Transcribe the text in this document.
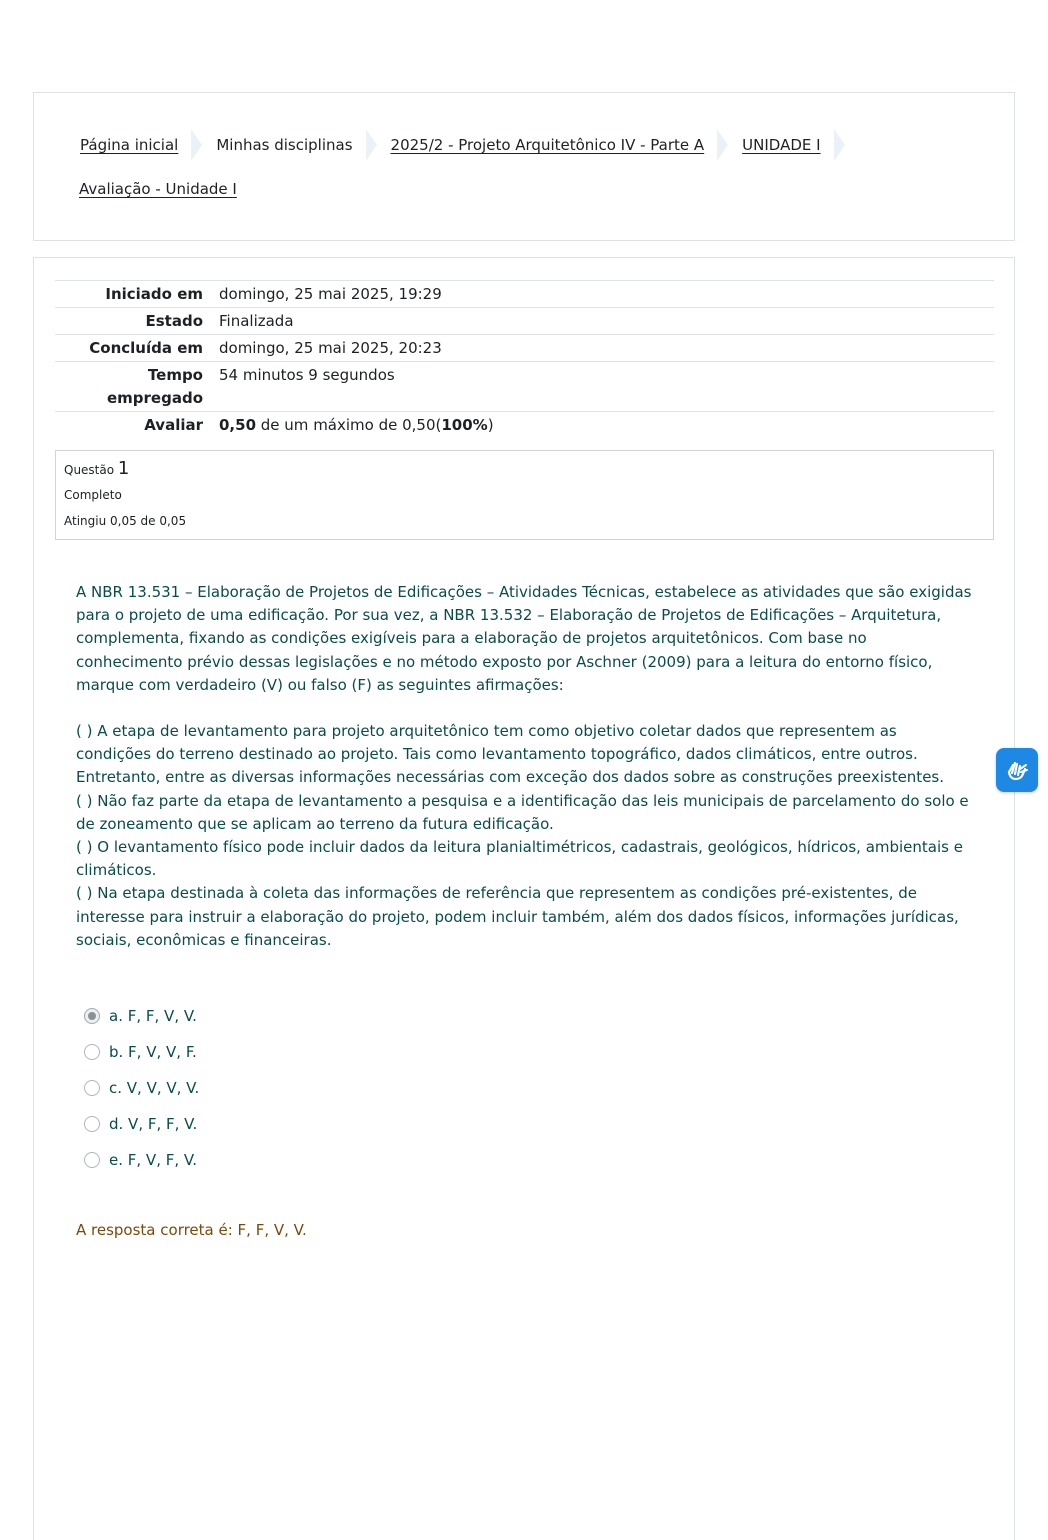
Página inicial	Minhas disciplinas	2025/2 - Projeto Arquitetônico IV - Parte A	UNIDADE I
Avaliação - Unidade I
Iniciado em	domingo, 25 mai 2025, 19:29
Estado	Finalizada
Concluída em	domingo, 25 mai 2025, 20:23
Tempo empregado
54 minutos 9 segundos
Avaliar	0,50 de um máximo de 0,50(100%)
Questão 1
Completo
Atingiu 0,05 de 0,05

A NBR 13.531 – Elaboração de Projetos de Edificações – Atividades Técnicas, estabelece as atividades que são exigidas para o projeto de uma edificação. Por sua vez, a NBR 13.532 – Elaboração de Projetos de Edificações – Arquitetura, complementa, fixando as condições exigíveis para a elaboração de projetos arquitetônicos. Com base no conhecimento prévio dessas legislações e no método exposto por Aschner (2009) para a leitura do entorno físico, marque com verdadeiro (V) ou falso (F) as seguintes afirmações:

( ) A etapa de levantamento para projeto arquitetônico tem como objetivo coletar dados que representem as condições do terreno destinado ao projeto. Tais como levantamento topográfico, dados climáticos, entre outros. Entretanto, entre as diversas informações necessárias com exceção dos dados sobre as construções preexistentes.

( ) Não faz parte da etapa de levantamento a pesquisa e a identificação das leis municipais de parcelamento do solo e de zoneamento que se aplicam ao terreno da futura edificação.

( ) O levantamento físico pode incluir dados da leitura planialtimétricos, cadastrais, geológicos, hídricos, ambientais e climáticos.

( ) Na etapa destinada à coleta das informações de referência que representem as condições pré-existentes, de interesse para instruir a elaboração do projeto, podem incluir também, além dos dados físicos, informações jurídicas, sociais, econômicas e financeiras.

a. F, F, V, V.
b. F, V, V, F.
c. V, V, V, V.
d. V, F, F, V.
e. F, V, F, V.
A resposta correta é: F, F, V, V.
